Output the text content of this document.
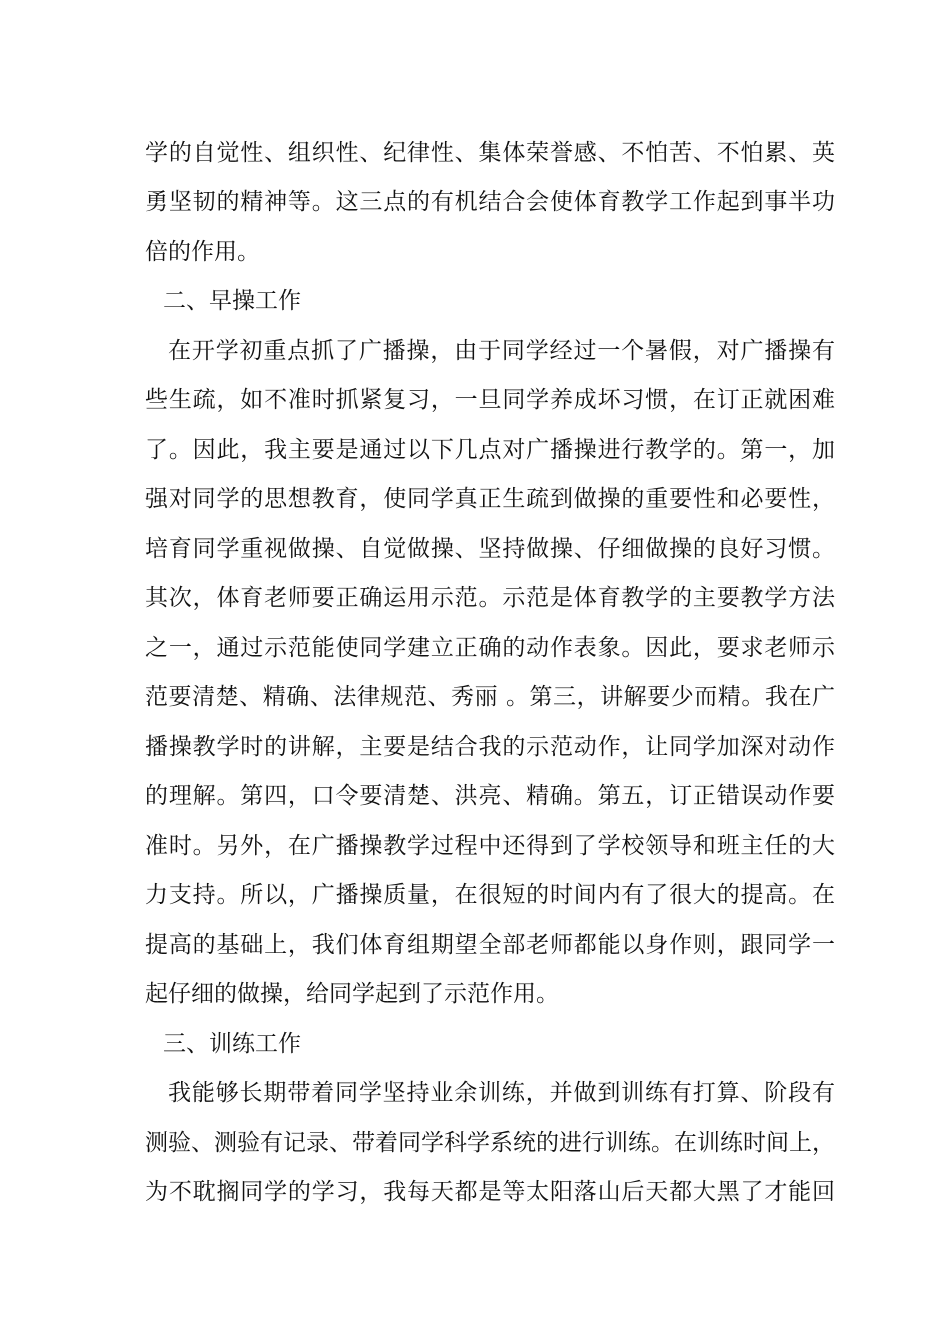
学的自觉性、组织性、纪律性、集体荣誉感、不怕苦、不怕累、英
勇坚韧的精神等。这三点的有机结合会使体育教学工作起到事半功
倍的作用。
二、早操工作
在开学初重点抓了广播操，由于同学经过一个暑假，对广播操有
些生疏，如不准时抓紧复习，一旦同学养成坏习惯，在订正就困难
了。因此，我主要是通过以下几点对广播操进行教学的。第一，加
强对同学的思想教育，使同学真正生疏到做操的重要性和必要性，
培育同学重视做操、自觉做操、坚持做操、仔细做操的良好习惯。
其次，体育老师要正确运用示范。示范是体育教学的主要教学方法
之一，通过示范能使同学建立正确的动作表象。因此，要求老师示
范要清楚、精确、法律规范、秀丽 。第三，讲解要少而精。我在广
播操教学时的讲解，主要是结合我的示范动作，让同学加深对动作
的理解。第四，口令要清楚、洪亮、精确。第五，订正错误动作要
准时。另外，在广播操教学过程中还得到了学校领导和班主任的大
力支持。所以，广播操质量，在很短的时间内有了很大的提高。在
提高的基础上，我们体育组期望全部老师都能以身作则，跟同学一
起仔细的做操，给同学起到了示范作用。
三、训练工作
我能够长期带着同学坚持业余训练，并做到训练有打算、阶段有
测验、测验有记录、带着同学科学系统的进行训练。在训练时间上，
为不耽搁同学的学习，我每天都是等太阳落山后天都大黑了才能回
